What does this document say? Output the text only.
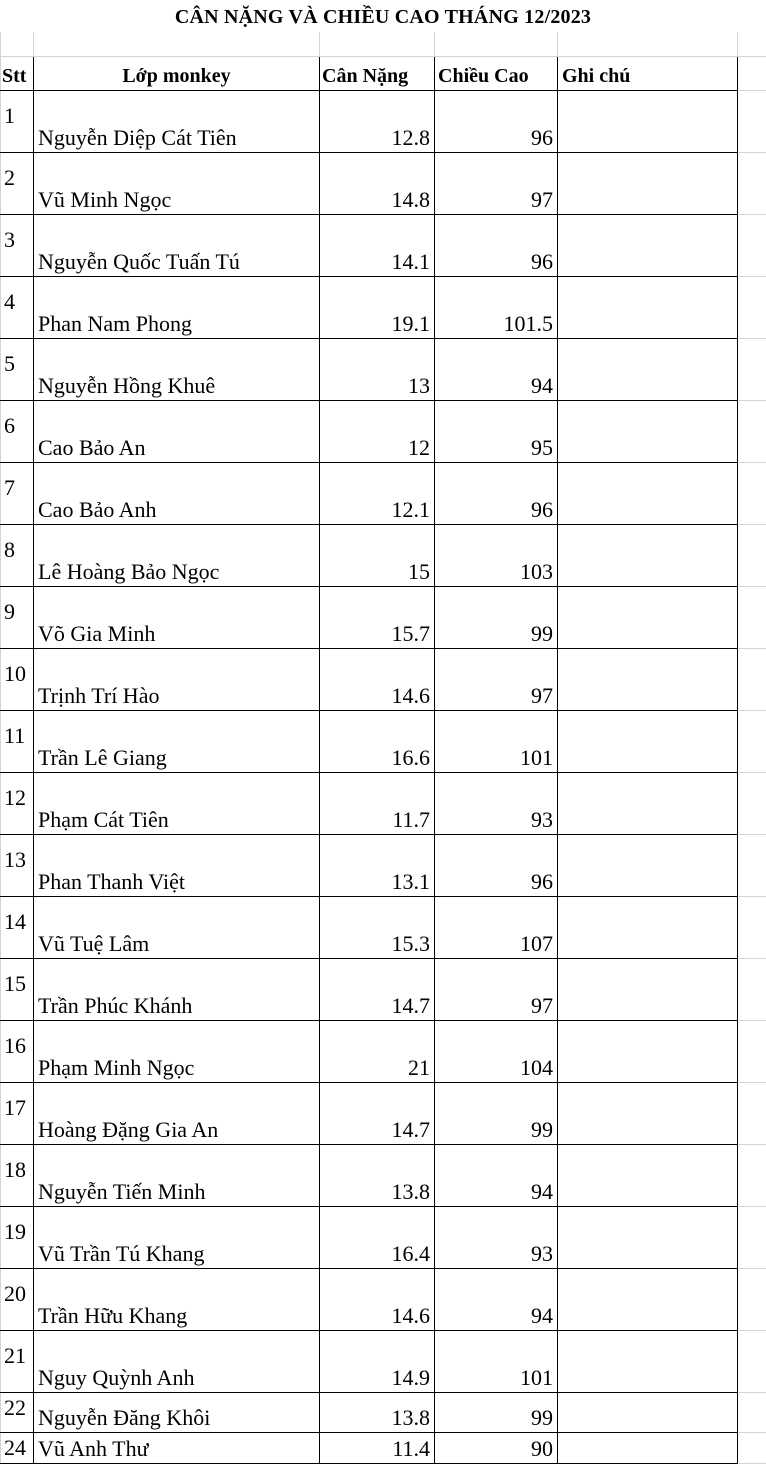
CÂN NẶNG VÀ CHIỀU CAO THÁNG 12/2023

Stt	Lớp monkey	Cân Nặng	Chiều Cao	Ghi chú	
1	Nguyễn Diệp Cát Tiên	12.8	96		
2	Vũ Minh Ngọc	14.8	97		
3	Nguyễn Quốc Tuấn Tú	14.1	96		
4	Phan Nam Phong	19.1	101.5		
5	Nguyễn Hồng Khuê	13	94		
6	Cao Bảo An	12	95		
7	Cao Bảo Anh	12.1	96		
8	Lê Hoàng Bảo Ngọc	15	103		
9	Võ Gia Minh	15.7	99		
10	Trịnh Trí Hào	14.6	97		
11	Trần Lê Giang	16.6	101		
12	Phạm Cát Tiên	11.7	93		
13	Phan Thanh Việt	13.1	96		
14	Vũ Tuệ Lâm	15.3	107		
15	Trần Phúc Khánh	14.7	97		
16	Phạm Minh Ngọc	21	104		
17	Hoàng Đặng Gia An	14.7	99		
18	Nguyễn Tiến Minh	13.8	94		
19	Vũ Trần Tú Khang	16.4	93		
20	Trần Hữu Khang	14.6	94		
21	Nguy Quỳnh Anh	14.9	101		
22	Nguyễn Đăng Khôi	13.8	99		
24	Vũ Anh Thư	11.4	90		
